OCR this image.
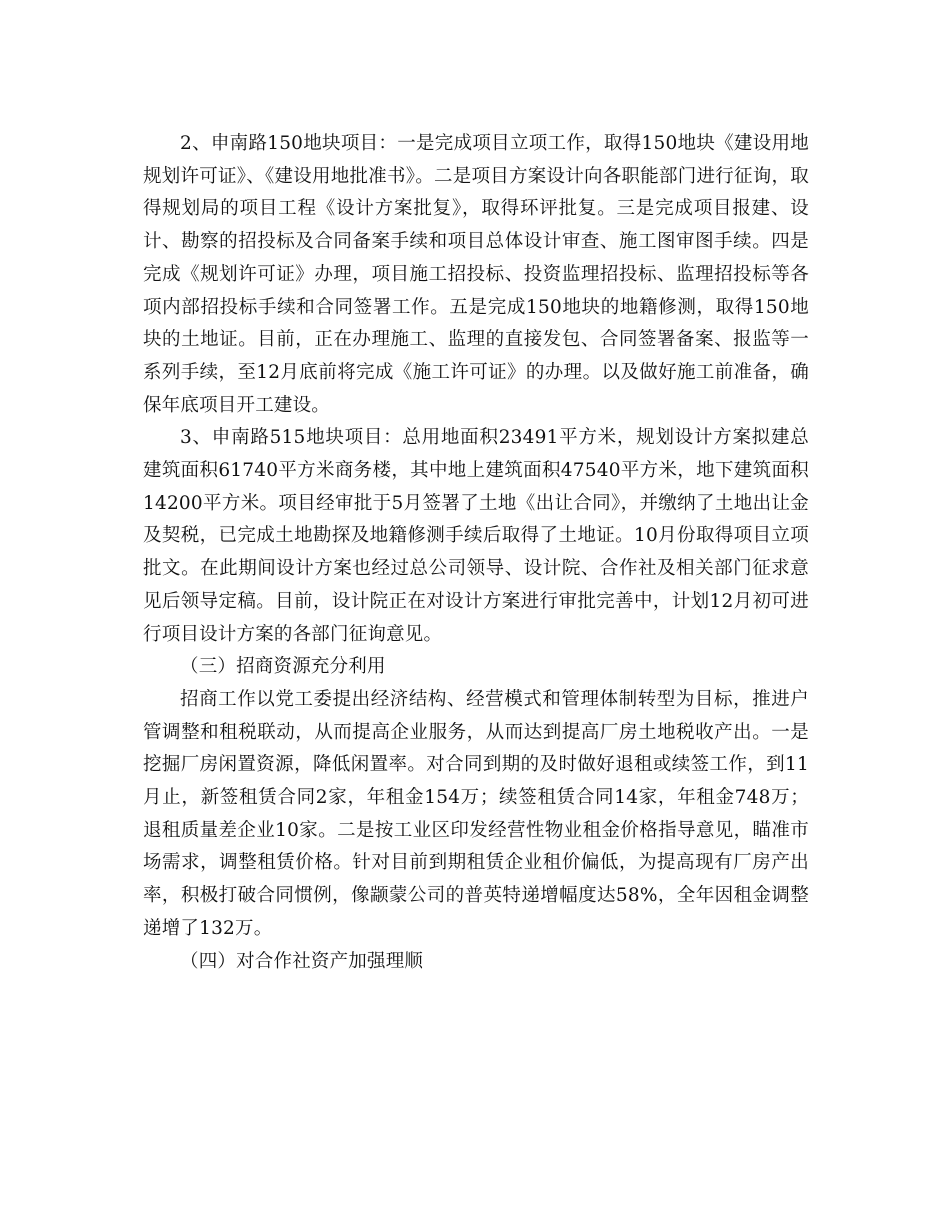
2、申南路150地块项目：一是完成项目立项工作，取得150地块《建设用地规划许可证》、《建设用地批准书》。二是项目方案设计向各职能部门进行征询，取得规划局的项目工程《设计方案批复》，取得环评批复。三是完成项目报建、设计、勘察的招投标及合同备案手续和项目总体设计审查、施工图审图手续。四是完成《规划许可证》办理，项目施工招投标、投资监理招投标、监理招投标等各项内部招投标手续和合同签署工作。五是完成150地块的地籍修测，取得150地块的土地证。目前，正在办理施工、监理的直接发包、合同签署备案、报监等一系列手续，至12月底前将完成《施工许可证》的办理。以及做好施工前准备，确保年底项目开工建设。

3、申南路515地块项目：总用地面积23491平方米，规划设计方案拟建总建筑面积61740平方米商务楼，其中地上建筑面积47540平方米，地下建筑面积14200平方米。项目经审批于5月签署了土地《出让合同》，并缴纳了土地出让金及契税，已完成土地勘探及地籍修测手续后取得了土地证。10月份取得项目立项批文。在此期间设计方案也经过总公司领导、设计院、合作社及相关部门征求意见后领导定稿。目前，设计院正在对设计方案进行审批完善中，计划12月初可进行项目设计方案的各部门征询意见。

（三）招商资源充分利用

招商工作以党工委提出经济结构、经营模式和管理体制转型为目标，推进户管调整和租税联动，从而提高企业服务，从而达到提高厂房土地税收产出。一是挖掘厂房闲置资源，降低闲置率。对合同到期的及时做好退租或续签工作，到11月止，新签租赁合同2家，年租金154万；续签租赁合同14家，年租金748万；退租质量差企业10家。二是按工业区印发经营性物业租金价格指导意见，瞄准市场需求，调整租赁价格。针对目前到期租赁企业租价偏低，为提高现有厂房产出率，积极打破合同惯例，像颛蒙公司的普英特递增幅度达58%，全年因租金调整递增了132万。

（四）对合作社资产加强理顺
